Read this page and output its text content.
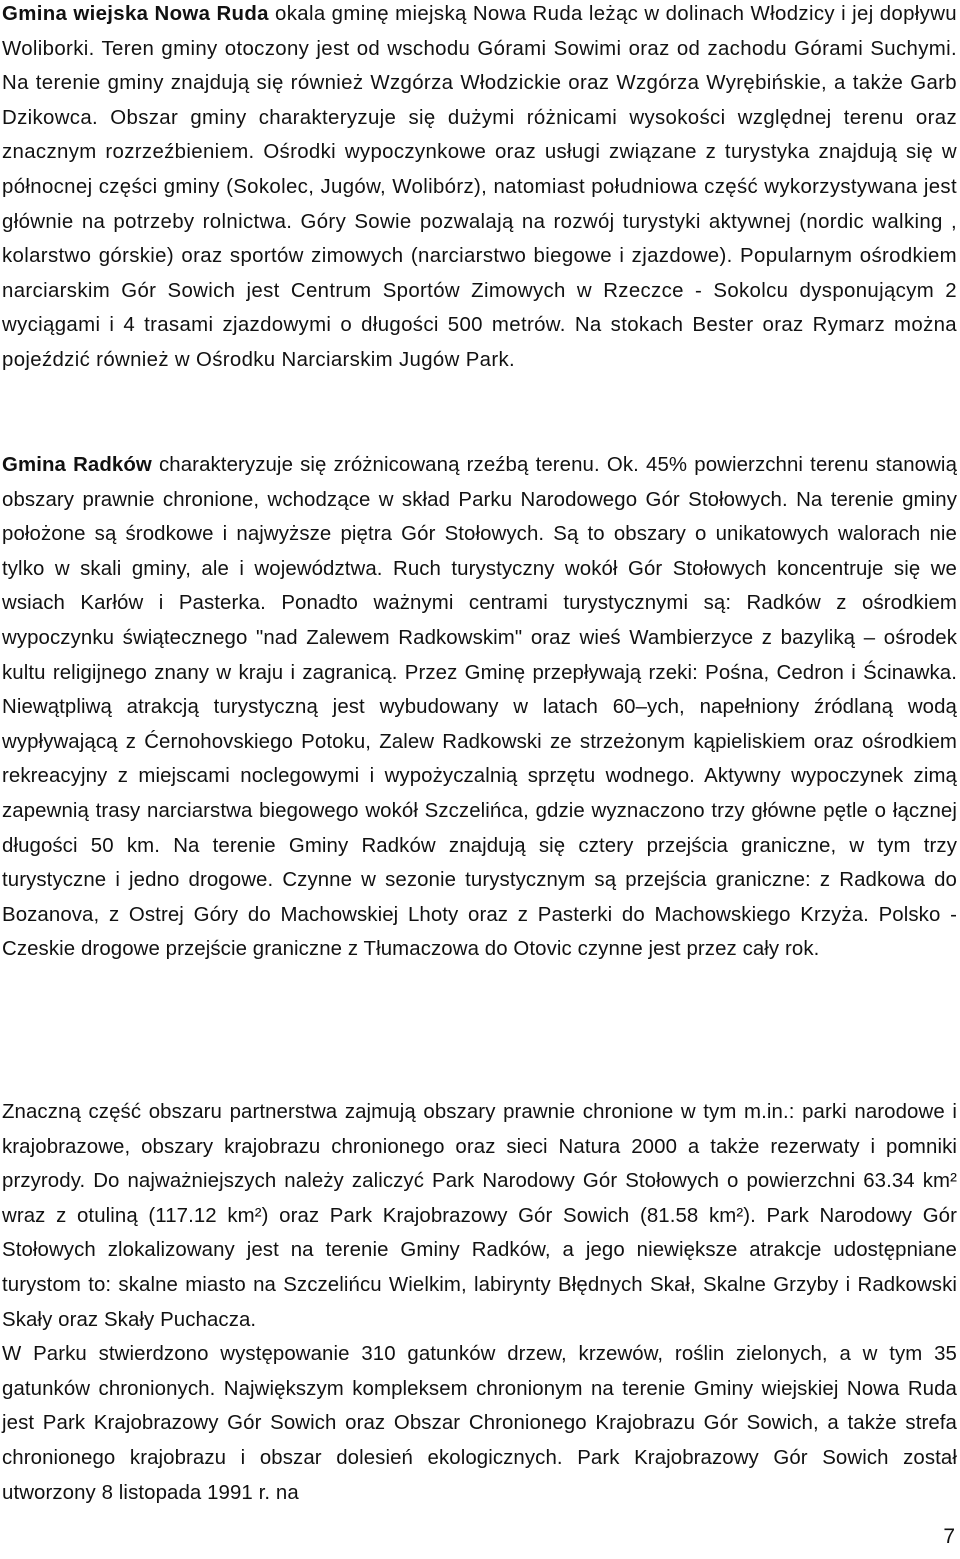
Gmina wiejska Nowa Ruda okala gminę miejską Nowa Ruda leżąc w dolinach Włodzicy i jej dopływu Woliborki. Teren gminy otoczony jest od wschodu Górami Sowimi oraz od zachodu Górami Suchymi. Na terenie gminy znajdują się również Wzgórza Włodzickie oraz Wzgórza Wyrębińskie, a także Garb Dzikowca. Obszar gminy charakteryzuje się dużymi różnicami wysokości względnej terenu oraz znacznym rozrzeźbieniem. Ośrodki wypoczynkowe oraz usługi związane z turystyka znajdują się w północnej części gminy (Sokolec, Jugów, Wolibórz), natomiast południowa część wykorzystywana jest głównie na potrzeby rolnictwa. Góry Sowie pozwalają na rozwój turystyki aktywnej (nordic walking , kolarstwo górskie) oraz sportów zimowych (narciarstwo biegowe i zjazdowe). Popularnym ośrodkiem narciarskim Gór Sowich jest Centrum Sportów Zimowych w Rzeczce - Sokolcu dysponującym 2 wyciągami i 4 trasami zjazdowymi o długości 500 metrów. Na stokach Bester oraz Rymarz można pojeździć również w Ośrodku Narciarskim Jugów Park.

Gmina Radków charakteryzuje się zróżnicowaną rzeźbą terenu. Ok. 45% powierzchni terenu stanowią obszary prawnie chronione, wchodzące w skład Parku Narodowego Gór Stołowych. Na terenie gminy położone są środkowe i najwyższe piętra Gór Stołowych. Są to obszary o unikatowych walorach nie tylko w skali gminy, ale i województwa. Ruch turystyczny wokół Gór Stołowych koncentruje się we wsiach Karłów i Pasterka. Ponadto ważnymi centrami turystycznymi są: Radków z ośrodkiem wypoczynku świątecznego "nad Zalewem Radkowskim" oraz wieś Wambierzyce z bazyliką – ośrodek kultu religijnego znany w kraju i zagranicą. Przez Gminę przepływają rzeki: Pośna, Cedron i Ścinawka. Niewątpliwą atrakcją turystyczną jest wybudowany w latach 60–ych, napełniony źródlaną wodą wypływającą z Ćernohovskiego Potoku, Zalew Radkowski ze strzeżonym kąpieliskiem oraz ośrodkiem rekreacyjny z miejscami noclegowymi i wypożyczalnią sprzętu wodnego. Aktywny wypoczynek zimą zapewnią trasy narciarstwa biegowego wokół Szczelińca, gdzie wyznaczono trzy główne pętle o łącznej długości 50 km. Na terenie Gminy Radków znajdują się cztery przejścia graniczne, w tym trzy turystyczne i jedno drogowe. Czynne w sezonie turystycznym są przejścia graniczne: z Radkowa do Bozanova, z Ostrej Góry do Machowskiej Lhoty oraz z Pasterki do Machowskiego Krzyża. Polsko - Czeskie drogowe przejście graniczne z Tłumaczowa do Otovic czynne jest przez cały rok.

Znaczną część obszaru partnerstwa zajmują obszary prawnie chronione w tym m.in.: parki narodowe i krajobrazowe, obszary krajobrazu chronionego oraz sieci Natura 2000 a także rezerwaty i pomniki przyrody. Do najważniejszych należy zaliczyć Park Narodowy Gór Stołowych o powierzchni 63.34 km² wraz z otuliną (117.12 km²) oraz Park Krajobrazowy Gór Sowich (81.58 km²). Park Narodowy Gór Stołowych zlokalizowany jest na terenie Gminy Radków, a jego niewiększe atrakcje udostępniane turystom to: skalne miasto na Szczelińcu Wielkim, labirynty Błędnych Skał, Skalne Grzyby i Radkowski Skały oraz Skały Puchacza.
W Parku stwierdzono występowanie 310 gatunków drzew, krzewów, roślin zielonych, a w tym 35 gatunków chronionych. Największym kompleksem chronionym na terenie Gminy wiejskiej Nowa Ruda jest Park Krajobrazowy Gór Sowich oraz Obszar Chronionego Krajobrazu Gór Sowich, a także strefa chronionego krajobrazu i obszar dolesień ekologicznych. Park Krajobrazowy Gór Sowich został utworzony 8 listopada 1991 r. na

7
